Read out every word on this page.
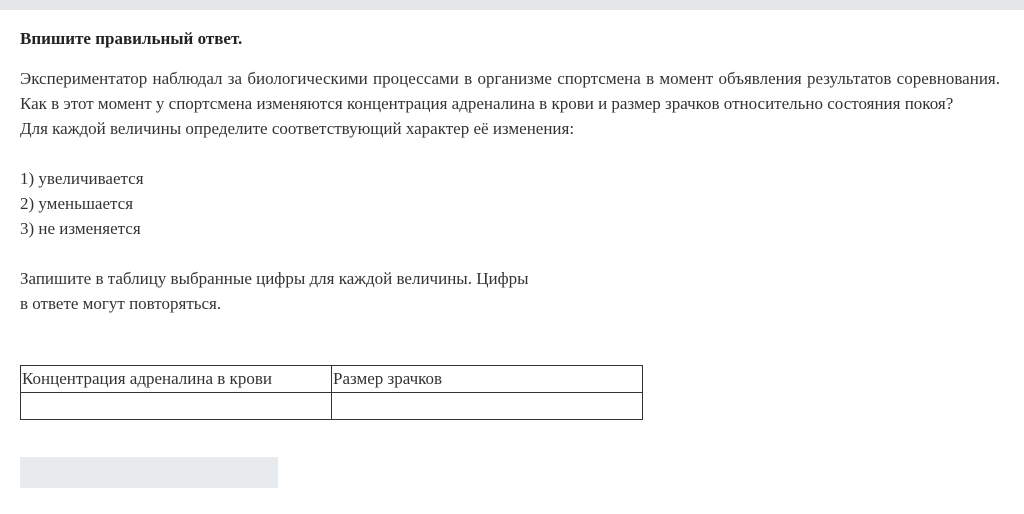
Впишите правильный ответ.

Экспериментатор наблюдал за биологическими процессами в организме спортсмена в момент объявления результатов соревнования. Как в этот момент у спортсмена изменяются концентрация адреналина в крови и размер зрачков относительно состояния покоя?

Для каждой величины определите соответствующий характер её изменения:

1) увеличивается
2) уменьшается
3) не изменяется

Запишите в таблицу выбранные цифры для каждой величины. Цифры

в ответе могут повторяться.

Концентрация адреналина в крови	Размер зрачков
